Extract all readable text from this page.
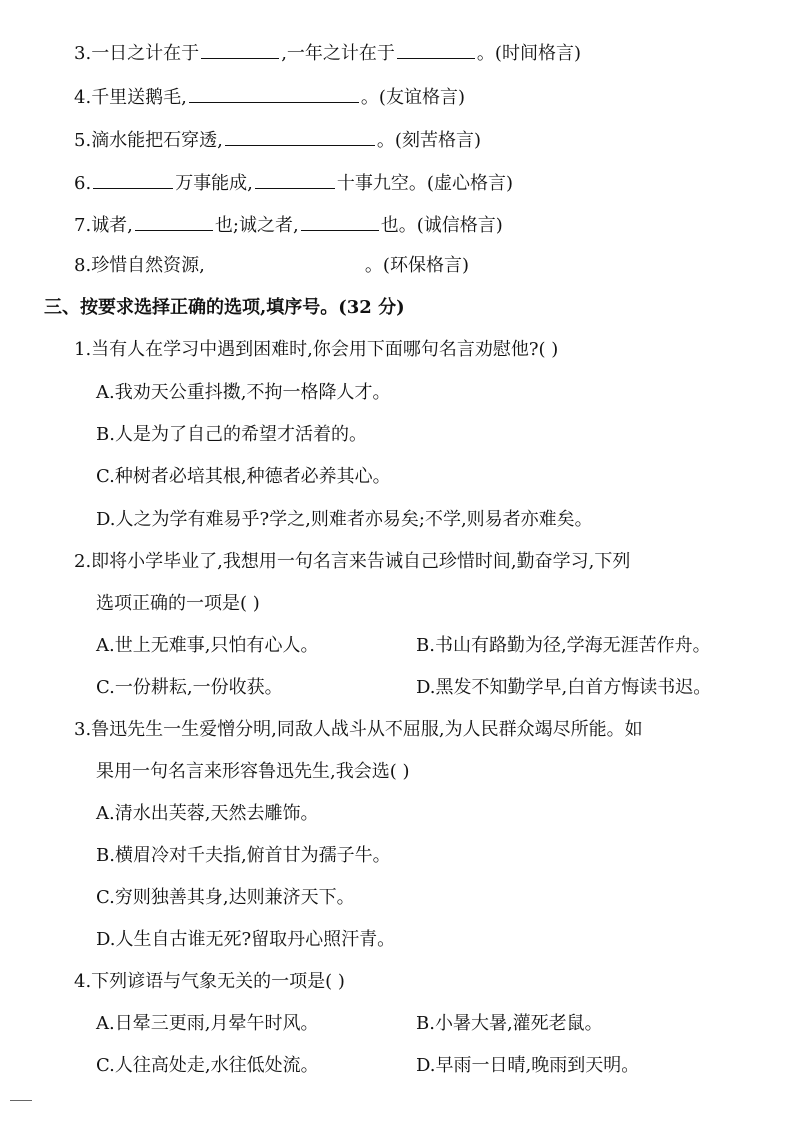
3.一日之计在于	,一年之计在于	。(时间格言)
4.千里送鹅毛,	。(友谊格言)
5.滴水能把石穿透,	。(刻苦格言)
6.	万事能成,	十事九空。(虚心格言)
7.诚者,	也;诚之者,	也。(诚信格言)
8.珍惜自然资源,	。(环保格言)
三、按要求选择正确的选项,填序号。(32 分)
1.当有人在学习中遇到困难时,你会用下面哪句名言劝慰他?( )
A.我劝天公重抖擞,不拘一格降人才。
B.人是为了自己的希望才活着的。
C.种树者必培其根,种德者必养其心。
D.人之为学有难易乎?学之,则难者亦易矣;不学,则易者亦难矣。
2.即将小学毕业了,我想用一句名言来告诫自己珍惜时间,勤奋学习,下列
选项正确的一项是( )
A.世上无难事,只怕有心人。	B.书山有路勤为径,学海无涯苦作舟。
C.一份耕耘,一份收获。	D.黑发不知勤学早,白首方悔读书迟。
3.鲁迅先生一生爱憎分明,同敌人战斗从不屈服,为人民群众竭尽所能。如
果用一句名言来形容鲁迅先生,我会选( )
A.清水出芙蓉,天然去雕饰。
B.横眉冷对千夫指,俯首甘为孺子牛。
C.穷则独善其身,达则兼济天下。
D.人生自古谁无死?留取丹心照汗青。
4.下列谚语与气象无关的一项是( )
A.日晕三更雨,月晕午时风。	B.小暑大暑,灌死老鼠。
C.人往高处走,水往低处流。	D.早雨一日晴,晚雨到天明。
